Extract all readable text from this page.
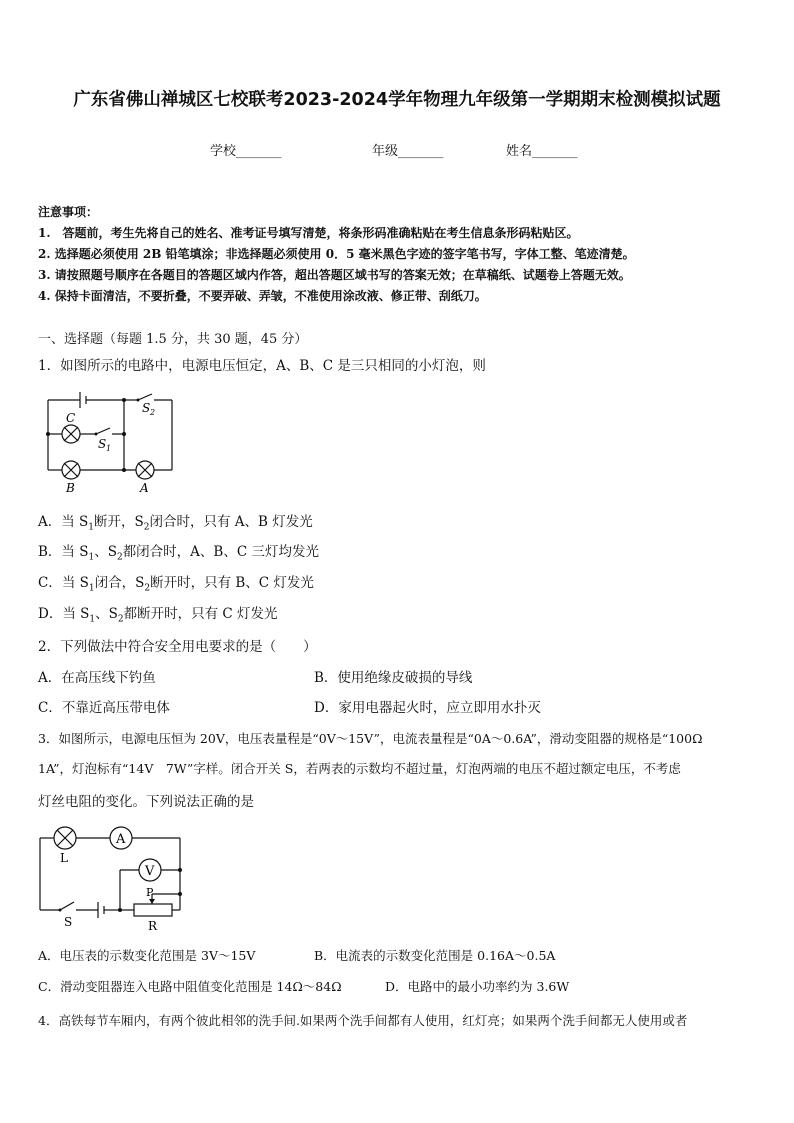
广东省佛山禅城区七校联考2023-2024学年物理九年级第一学期期末检测模拟试题
学校_______	年级_______	姓名_______
注意事项：
1.　答题前，考生先将自己的姓名、准考证号填写清楚，将条形码准确粘贴在考生信息条形码粘贴区。
2. 选择题必须使用 2B 铅笔填涂；非选择题必须使用 0．5 毫米黑色字迹的签字笔书写，字体工整、笔迹清楚。
3. 请按照题号顺序在各题目的答题区域内作答，超出答题区域书写的答案无效；在草稿纸、试题卷上答题无效。
4. 保持卡面清洁，不要折叠，不要弄破、弄皱，不准使用涂改液、修正带、刮纸刀。
一、选择题（每题 1.5 分，共 30 题，45 分）
1．如图所示的电路中，电源电压恒定，A、B、C 是三只相同的小灯泡，则
C
B	A
S 1
S 2
A．当 $S_1$断开，$S_2$闭合时，只有 A、B 灯发光
B．当 $S_1$、$S_2$都闭合时，A、B、C 三灯均发光
C．当 $S_1$闭合，$S_2$断开时，只有 B、C 灯发光
D．当 $S_1$、$S_2$都断开时，只有 C 灯发光
2．下列做法中符合安全用电要求的是（　　）
A．在高压线下钓鱼	B．使用绝缘皮破损的导线
C．不靠近高压带电体	D．家用电器起火时，应立即用水扑灭
3．如图所示，电源电压恒为 20V，电压表量程是“0V～15V”，电流表量程是“0A～0.6A”，滑动变阻器的规格是“100Ω
1A”，灯泡标有“14V　7W”字样。闭合开关 S，若两表的示数均不超过量，灯泡两端的电压不超过额定电压，不考虑
灯丝电阻的变化。下列说法正确的是
L
A
V
P
S	R
A．电压表的示数变化范围是 3V～15V	B．电流表的示数变化范围是 0.16A～0.5A
C．滑动变阻器连入电路中阻值变化范围是 14Ω～84Ω	D．电路中的最小功率约为 3.6W
4．高铁每节车厢内，有两个彼此相邻的洗手间.如果两个洗手间都有人使用，红灯亮；如果两个洗手间都无人使用或者
